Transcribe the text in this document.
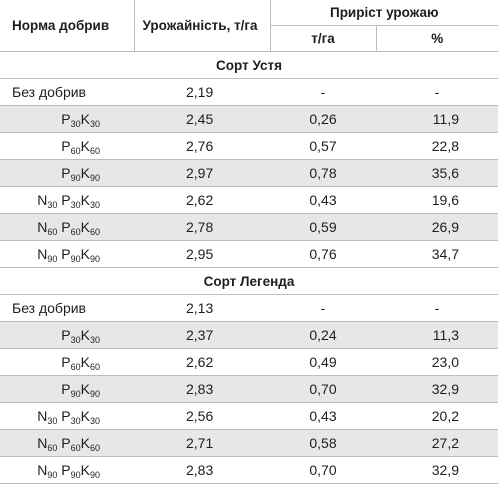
Норма добрив	Урожайність, т/га	Приріст урожаю	
		т/га	%
Сорт Устя			
Без добрив	2,19	-	-
$P_{30}K_{30}$	2,45	0,26	11,9
$P_{60}K_{60}$	2,76	0,57	22,8
$P_{90}K_{90}$	2,97	0,78	35,6
$N_{30}$ $P_{30}K_{30}$	2,62	0,43	19,6
$N_{60}$ $P_{60}K_{60}$	2,78	0,59	26,9
$N_{90}$ $P_{90}K_{90}$	2,95	0,76	34,7
Сорт Легенда			
Без добрив	2,13	-	-
$P_{30}K_{30}$	2,37	0,24	11,3
$P_{60}K_{60}$	2,62	0,49	23,0
$P_{90}K_{90}$	2,83	0,70	32,9
$N_{30}$ $P_{30}K_{30}$	2,56	0,43	20,2
$N_{60}$ $P_{60}K_{60}$	2,71	0,58	27,2
$N_{90}$ $P_{90}K_{90}$	2,83	0,70	32,9
